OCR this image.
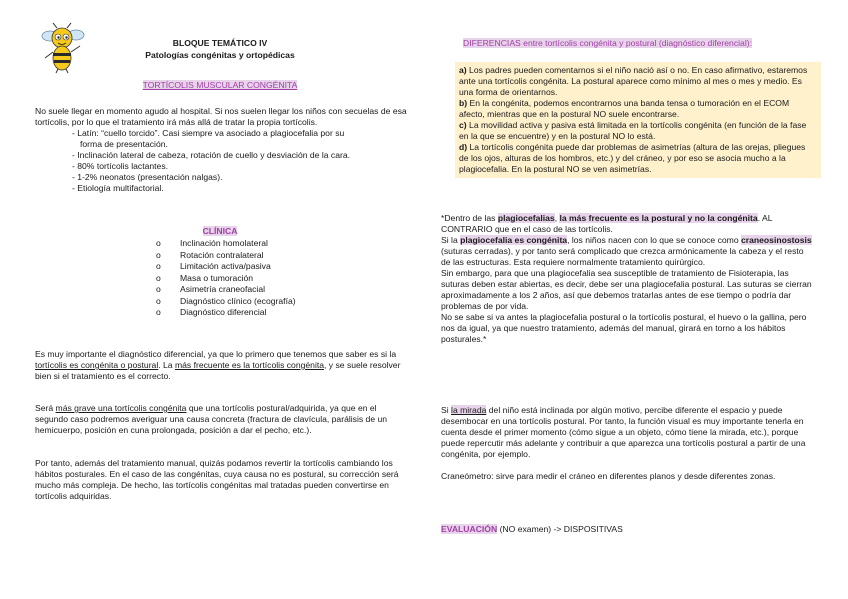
BLOQUE TEMÁTICO IV
Patologías congénitas y ortopédicas
TORTÍCOLIS MUSCULAR CONGÉNITA

No suele llegar en momento agudo al hospital. Si nos suelen llegar los niños con secuelas de esa tortícolis, por lo que el tratamiento irá más allá de tratar la propia tortícolis.

- Latín: “cuello torcido”. Casi siempre va asociado a plagiocefalia por su
forma de presentación.
- Inclinación lateral de cabeza, rotación de cuello y desviación de la cara.
- 80% tortícolis lactantes.
- 1-2% neonatos (presentación nalgas).
- Etiología multifactorial.
CLÍNICA
o Inclinación homolateral
o Rotación contralateral
o Limitación activa/pasiva
o Masa o tumoración
o Asimetría craneofacial
o Diagnóstico clínico (ecografía)
o Diagnóstico diferencial

Es muy importante el diagnóstico diferencial, ya que lo primero que tenemos que saber es si la tortícolis es congénita o postural. La más frecuente es la tortícolis congénita, y se suele resolver bien si el tratamiento es el correcto.

Será más grave una tortícolis congénita que una tortícolis postural/adquirida, ya que en el segundo caso podremos averiguar una causa concreta (fractura de clavícula, parálisis de un hemicuerpo, posición en cuna prolongada, posición a dar el pecho, etc.).

Por tanto, además del tratamiento manual, quizás podamos revertir la tortícolis cambiando los hábitos posturales. En el caso de las congénitas, cuya causa no es postural, su corrección será mucho más compleja. De hecho, las tortícolis congénitas mal tratadas pueden convertirse en tortícolis adquiridas.

DIFERENCIAS entre tortícolis congénita y postural (diagnóstico diferencial):

a) Los padres pueden comentarnos si el niño nació así o no. En caso afirmativo, estaremos ante una tortícolis congénita. La postural aparece como mínimo al mes o mes y medio. Es una forma de orientarnos.

b) En la congénita, podemos encontrarnos una banda tensa o tumoración en el ECOM afecto, mientras que en la postural NO suele encontrarse.

c) La movilidad activa y pasiva está limitada en la tortícolis congénita (en función de la fase en la que se encuentre) y en la postural NO lo está.

d) La tortícolis congénita puede dar problemas de asimetrías (altura de las orejas, pliegues de los ojos, alturas de los hombros, etc.) y del cráneo, y por eso se asocia mucho a la plagiocefalia. En la postural NO se ven asimetrías.

*Dentro de las plagiocefalias, la más frecuente es la postural y no la congénita. AL CONTRARIO que en el caso de las tortícolis.

Si la plagiocefalia es congénita, los niños nacen con lo que se conoce como craneosinostosis (suturas cerradas), y por tanto será complicado que crezca armónicamente la cabeza y el resto de las estructuras. Esta requiere normalmente tratamiento quirúrgico.

Sin embargo, para que una plagiocefalia sea susceptible de tratamiento de Fisioterapia, las suturas deben estar abiertas, es decir, debe ser una plagiocefalia postural. Las suturas se cierran aproximadamente a los 2 años, así que debemos tratarlas antes de ese tiempo o podría dar problemas de por vida.

No se sabe si va antes la plagiocefalia postural o la tortícolis postural, el huevo o la gallina, pero nos da igual, ya que nuestro tratamiento, además del manual, girará en torno a los hábitos posturales.*

Si la mirada del niño está inclinada por algún motivo, percibe diferente el espacio y puede desembocar en una tortícolis postural. Por tanto, la función visual es muy importante tenerla en cuenta desde el primer momento (cómo sigue a un objeto, cómo tiene la mirada, etc.), porque puede repercutir más adelante y contribuir a que aparezca una tortícolis postural a partir de una congénita, por ejemplo.

Craneómetro: sirve para medir el cráneo en diferentes planos y desde diferentes zonas.

EVALUACIÓN (NO examen) -> DISPOSITIVAS
